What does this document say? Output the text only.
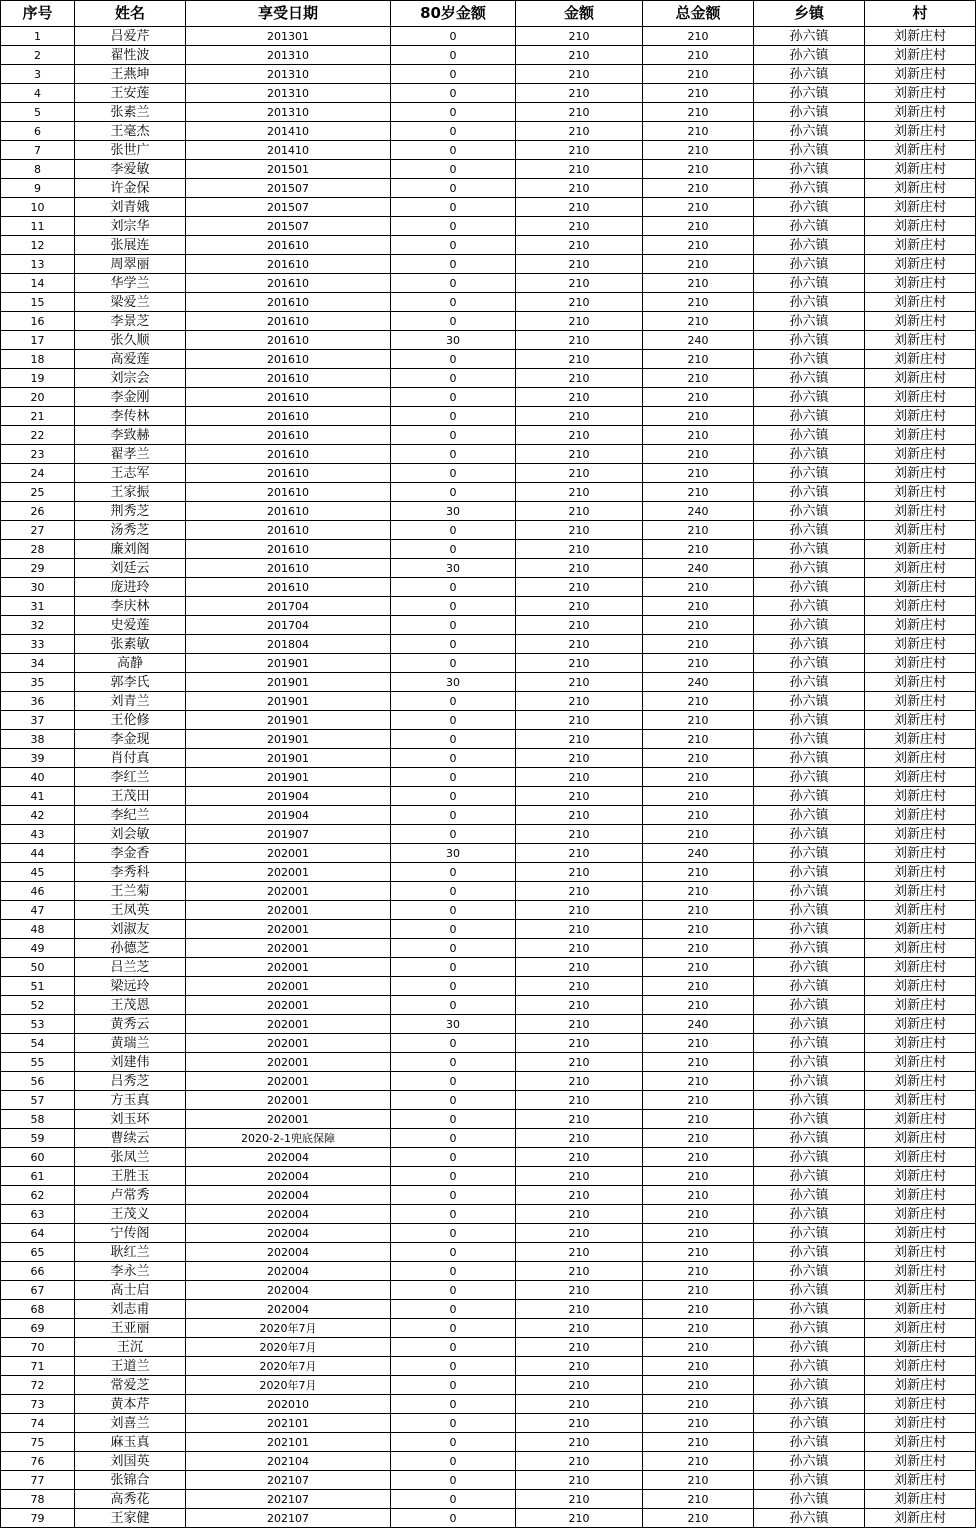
序号	姓名	享受日期	80岁金额	金额	总金额	乡镇	村
1	吕爱芹	201301	0	210	210	孙六镇	刘新庄村
2	翟性波	201310	0	210	210	孙六镇	刘新庄村
3	王燕坤	201310	0	210	210	孙六镇	刘新庄村
4	王安莲	201310	0	210	210	孙六镇	刘新庄村
5	张素兰	201310	0	210	210	孙六镇	刘新庄村
6	王毫杰	201410	0	210	210	孙六镇	刘新庄村
7	张世广	201410	0	210	210	孙六镇	刘新庄村
8	李爱敏	201501	0	210	210	孙六镇	刘新庄村
9	许金保	201507	0	210	210	孙六镇	刘新庄村
10	刘青娥	201507	0	210	210	孙六镇	刘新庄村
11	刘宗华	201507	0	210	210	孙六镇	刘新庄村
12	张展连	201610	0	210	210	孙六镇	刘新庄村
13	周翠丽	201610	0	210	210	孙六镇	刘新庄村
14	华学兰	201610	0	210	210	孙六镇	刘新庄村
15	梁爱兰	201610	0	210	210	孙六镇	刘新庄村
16	李景芝	201610	0	210	210	孙六镇	刘新庄村
17	张久顺	201610	30	210	240	孙六镇	刘新庄村
18	高爱莲	201610	0	210	210	孙六镇	刘新庄村
19	刘宗会	201610	0	210	210	孙六镇	刘新庄村
20	李金刚	201610	0	210	210	孙六镇	刘新庄村
21	李传林	201610	0	210	210	孙六镇	刘新庄村
22	李致赫	201610	0	210	210	孙六镇	刘新庄村
23	翟孝兰	201610	0	210	210	孙六镇	刘新庄村
24	王志军	201610	0	210	210	孙六镇	刘新庄村
25	王家振	201610	0	210	210	孙六镇	刘新庄村
26	荆秀芝	201610	30	210	240	孙六镇	刘新庄村
27	汤秀芝	201610	0	210	210	孙六镇	刘新庄村
28	廉刘阁	201610	0	210	210	孙六镇	刘新庄村
29	刘廷云	201610	30	210	240	孙六镇	刘新庄村
30	庞进玲	201610	0	210	210	孙六镇	刘新庄村
31	李庆林	201704	0	210	210	孙六镇	刘新庄村
32	史爱莲	201704	0	210	210	孙六镇	刘新庄村
33	张素敏	201804	0	210	210	孙六镇	刘新庄村
34	高静	201901	0	210	210	孙六镇	刘新庄村
35	郭李氏	201901	30	210	240	孙六镇	刘新庄村
36	刘青兰	201901	0	210	210	孙六镇	刘新庄村
37	王伦修	201901	0	210	210	孙六镇	刘新庄村
38	李金现	201901	0	210	210	孙六镇	刘新庄村
39	肖付真	201901	0	210	210	孙六镇	刘新庄村
40	李红兰	201901	0	210	210	孙六镇	刘新庄村
41	王茂田	201904	0	210	210	孙六镇	刘新庄村
42	李纪兰	201904	0	210	210	孙六镇	刘新庄村
43	刘会敏	201907	0	210	210	孙六镇	刘新庄村
44	李金香	202001	30	210	240	孙六镇	刘新庄村
45	李秀科	202001	0	210	210	孙六镇	刘新庄村
46	王兰菊	202001	0	210	210	孙六镇	刘新庄村
47	王凤英	202001	0	210	210	孙六镇	刘新庄村
48	刘淑友	202001	0	210	210	孙六镇	刘新庄村
49	孙德芝	202001	0	210	210	孙六镇	刘新庄村
50	吕兰芝	202001	0	210	210	孙六镇	刘新庄村
51	梁远玲	202001	0	210	210	孙六镇	刘新庄村
52	王茂恩	202001	0	210	210	孙六镇	刘新庄村
53	黄秀云	202001	30	210	240	孙六镇	刘新庄村
54	黄瑞兰	202001	0	210	210	孙六镇	刘新庄村
55	刘建伟	202001	0	210	210	孙六镇	刘新庄村
56	吕秀芝	202001	0	210	210	孙六镇	刘新庄村
57	方玉真	202001	0	210	210	孙六镇	刘新庄村
58	刘玉环	202001	0	210	210	孙六镇	刘新庄村
59	曹续云	2020-2-1兜底保障	0	210	210	孙六镇	刘新庄村
60	张凤兰	202004	0	210	210	孙六镇	刘新庄村
61	王胜玉	202004	0	210	210	孙六镇	刘新庄村
62	卢常秀	202004	0	210	210	孙六镇	刘新庄村
63	王茂义	202004	0	210	210	孙六镇	刘新庄村
64	宁传阁	202004	0	210	210	孙六镇	刘新庄村
65	耿红兰	202004	0	210	210	孙六镇	刘新庄村
66	李永兰	202004	0	210	210	孙六镇	刘新庄村
67	高士启	202004	0	210	210	孙六镇	刘新庄村
68	刘志甫	202004	0	210	210	孙六镇	刘新庄村
69	王亚丽	2020年7月	0	210	210	孙六镇	刘新庄村
70	王沉	2020年7月	0	210	210	孙六镇	刘新庄村
71	王道兰	2020年7月	0	210	210	孙六镇	刘新庄村
72	常爱芝	2020年7月	0	210	210	孙六镇	刘新庄村
73	黄本芹	202010	0	210	210	孙六镇	刘新庄村
74	刘喜兰	202101	0	210	210	孙六镇	刘新庄村
75	麻玉真	202101	0	210	210	孙六镇	刘新庄村
76	刘国英	202104	0	210	210	孙六镇	刘新庄村
77	张锦合	202107	0	210	210	孙六镇	刘新庄村
78	高秀花	202107	0	210	210	孙六镇	刘新庄村
79	王家健	202107	0	210	210	孙六镇	刘新庄村
